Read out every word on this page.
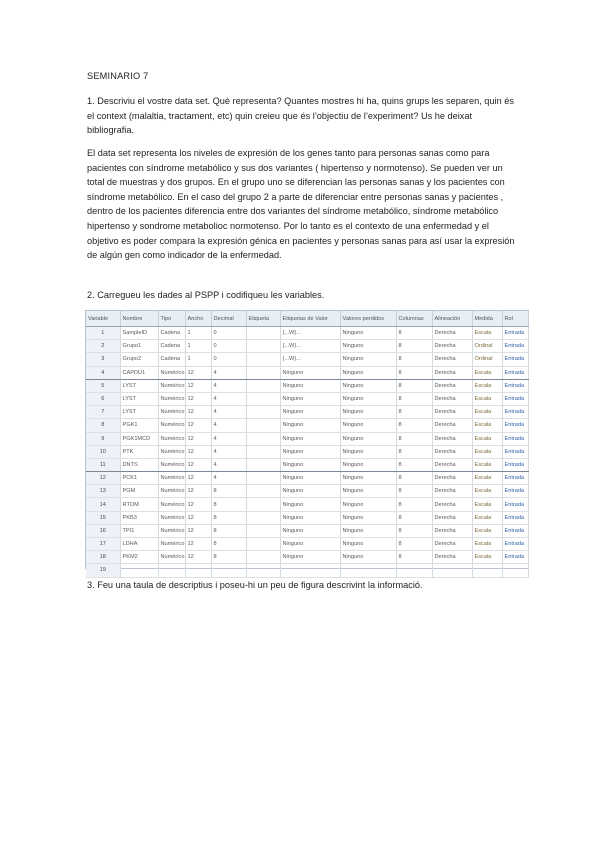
SEMINARIO 7
1. Descriviu el vostre data set. Què representa? Quantes mostres hi ha, quins grups les separen, quin és el context (malaltia, tractament, etc) quin creieu que és l’objectiu de l’experiment? Us he deixat bibliografia.
El data set representa los niveles de expresión de los genes tanto para personas sanas como para pacientes con síndrome metabólico y sus dos variantes ( hipertenso y normotenso). Se pueden ver un total de muestras y dos grupos. En el grupo uno se diferencian las personas sanas y los pacientes con síndrome metabólico. En el caso del grupo 2 a parte de diferenciar entre personas sanas y pacientes , dentro de los pacientes diferencia entre dos variantes del síndrome metabólico, síndrome metabólico hipertenso y sondrome metabolioc normotenso. Por lo tanto es el contexto de una enfermedad y el objetivo es poder compara la expresión génica en pacientes y personas sanas para así usar la expresión de algún gen como indicador de la enfermedad.
2. Carregueu les dades al PSPP i codifiqueu les variables.
3. Feu una taula de descriptius i poseu-hi un peu de figura descrivint la informació.
Variable	Nombre	Tipo	Ancho	Decimal	Etiqueta	Etiquetas de Valor	Valores perdidos	Columnas	Alineación	Medida	Rol
1	SampleID	Cadena	1	0		{...W}...	Ninguno	8	Derecha	Escala	Entrada
2	Grupo1	Cadena	1	0		{...W}...	Ninguno	8	Derecha	Ordinal	Entrada
3	Grupo2	Cadena	1	0		{...W}...	Ninguno	8	Derecha	Ordinal	Entrada
4	CAPDU1	Numérico	12	4		Ninguno	Ninguno	8	Derecha	Escala	Entrada
5	LYST	Numérico	12	4		Ninguno	Ninguno	8	Derecha	Escala	Entrada
6	LYST	Numérico	12	4		Ninguno	Ninguno	8	Derecha	Escala	Entrada
7	LYST	Numérico	12	4		Ninguno	Ninguno	8	Derecha	Escala	Entrada
8	PGK1	Numérico	12	4		Ninguno	Ninguno	8	Derecha	Escala	Entrada
9	PGK1MCD	Numérico	12	4		Ninguno	Ninguno	8	Derecha	Escala	Entrada
10	PTK	Numérico	12	4		Ninguno	Ninguno	8	Derecha	Escala	Entrada
11	DNTS	Numérico	12	4		Ninguno	Ninguno	8	Derecha	Escala	Entrada
12	PCK1	Numérico	12	4		Ninguno	Ninguno	8	Derecha	Escala	Entrada
13	PGM	Numérico	12	8		Ninguno	Ninguno	8	Derecha	Escala	Entrada
14	RTOM	Numérico	12	8		Ninguno	Ninguno	8	Derecha	Escala	Entrada
15	PKB3	Numérico	12	8		Ninguno	Ninguno	8	Derecha	Escala	Entrada
16	TPI1	Numérico	12	8		Ninguno	Ninguno	8	Derecha	Escala	Entrada
17	LDHA	Numérico	12	8		Ninguno	Ninguno	8	Derecha	Escala	Entrada
18	PKM2	Numérico	12	8		Ninguno	Ninguno	8	Derecha	Escala	Entrada
19											
